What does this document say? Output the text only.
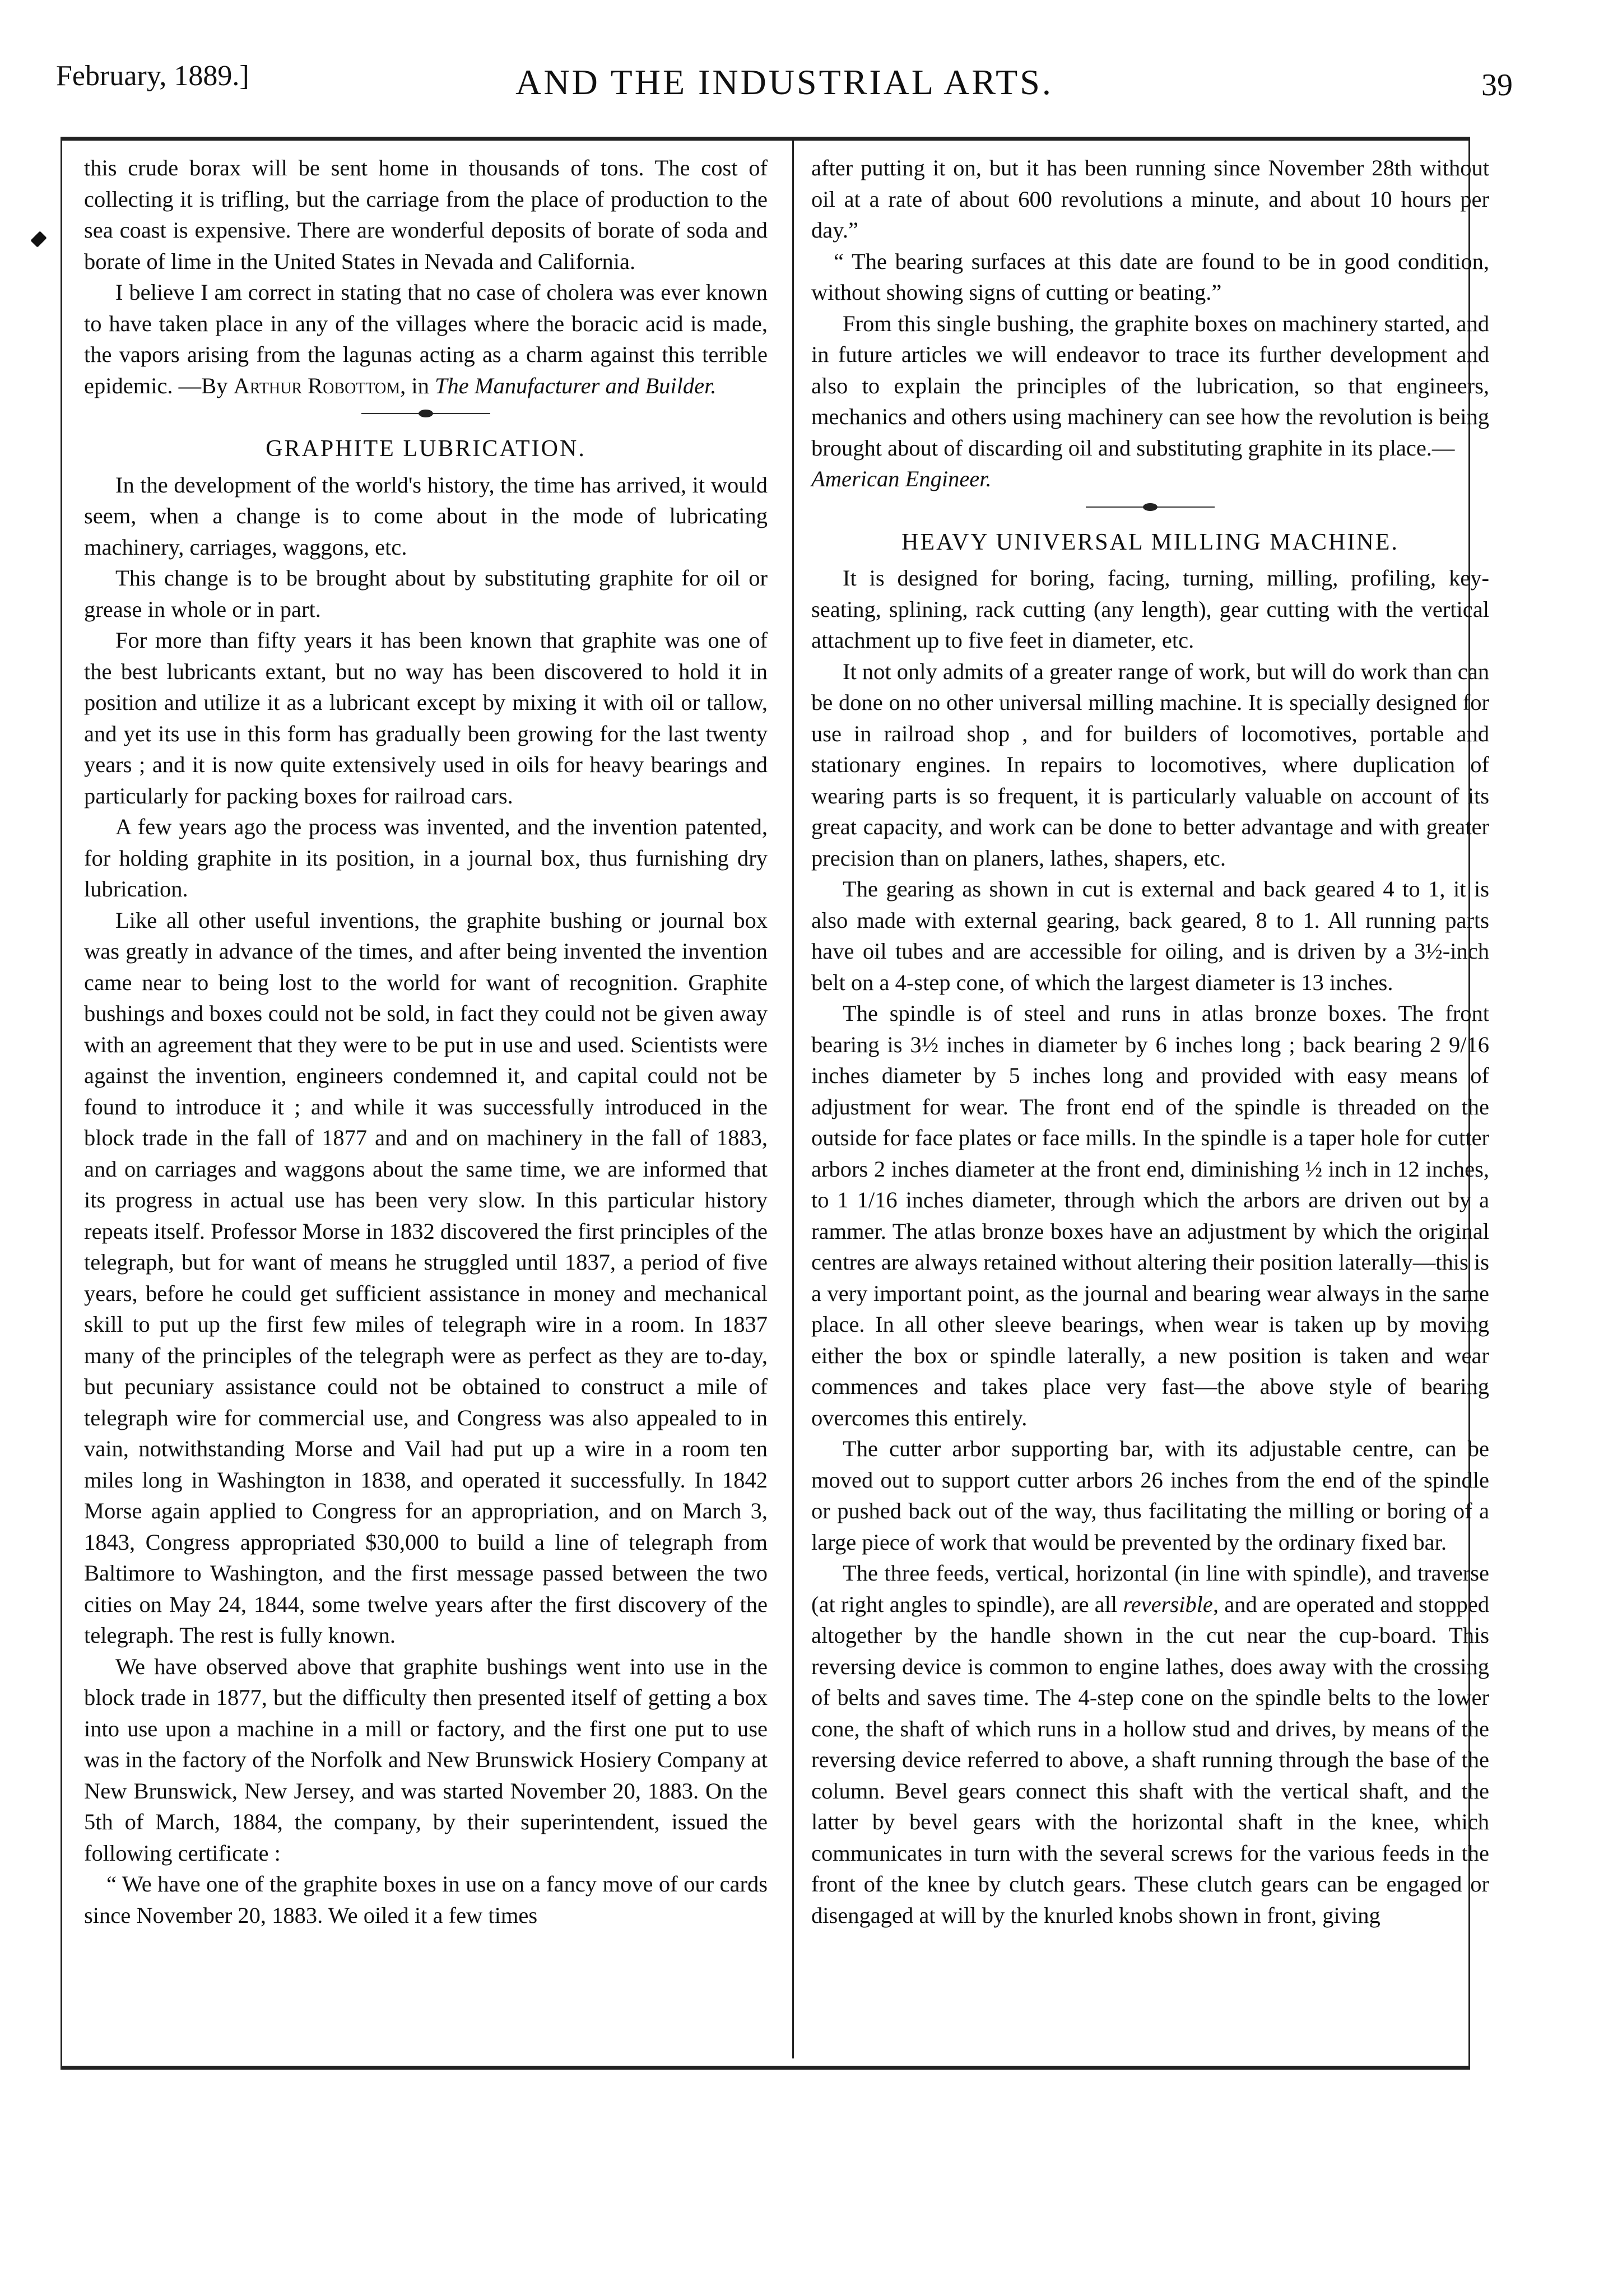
February, 1889.]	AND THE INDUSTRIAL ARTS.	39

this crude borax will be sent home in thousands of tons. The cost of collecting it is trifling, but the carriage from the place of production to the sea coast is expensive. There are wonderful deposits of borate of soda and borate of lime in the United States in Nevada and California.

I believe I am correct in stating that no case of cholera was ever known to have taken place in any of the villages where the boracic acid is made, the vapors arising from the lagunas acting as a charm against this terrible epidemic. —By Arthur Robottom, in The Manufacturer and Builder.

GRAPHITE LUBRICATION.

In the development of the world's history, the time has arrived, it would seem, when a change is to come about in the mode of lubricating machinery, carriages, waggons, etc.

This change is to be brought about by substituting graphite for oil or grease in whole or in part.

For more than fifty years it has been known that graphite was one of the best lubricants extant, but no way has been discovered to hold it in position and utilize it as a lubricant except by mixing it with oil or tallow, and yet its use in this form has gradually been growing for the last twenty years ; and it is now quite extensively used in oils for heavy bearings and particularly for packing boxes for railroad cars.

A few years ago the process was invented, and the invention patented, for holding graphite in its position, in a journal box, thus furnishing dry lubrication.

Like all other useful inventions, the graphite bushing or journal box was greatly in advance of the times, and after being invented the invention came near to being lost to the world for want of recognition. Graphite bushings and boxes could not be sold, in fact they could not be given away with an agreement that they were to be put in use and used. Scientists were against the invention, engineers condemned it, and capital could not be found to introduce it ; and while it was successfully introduced in the block trade in the fall of 1877 and and on machinery in the fall of 1883, and on carriages and waggons about the same time, we are informed that its progress in actual use has been very slow. In this particular history repeats itself. Professor Morse in 1832 discovered the first principles of the telegraph, but for want of means he struggled until 1837, a period of five years, before he could get sufficient assistance in money and mechanical skill to put up the first few miles of telegraph wire in a room. In 1837 many of the principles of the telegraph were as perfect as they are to-day, but pecuniary assistance could not be obtained to construct a mile of telegraph wire for commercial use, and Congress was also appealed to in vain, notwithstanding Morse and Vail had put up a wire in a room ten miles long in Washington in 1838, and operated it successfully. In 1842 Morse again applied to Congress for an appropriation, and on March 3, 1843, Congress appropriated $30,000 to build a line of telegraph from Baltimore to Washington, and the first message passed between the two cities on May 24, 1844, some twelve years after the first discovery of the telegraph. The rest is fully known.

We have observed above that graphite bushings went into use in the block trade in 1877, but the difficulty then presented itself of getting a box into use upon a machine in a mill or factory, and the first one put to use was in the factory of the Norfolk and New Brunswick Hosiery Company at New Brunswick, New Jersey, and was started November 20, 1883. On the 5th of March, 1884, the company, by their superintendent, issued the following certificate :

“ We have one of the graphite boxes in use on a fancy move of our cards since November 20, 1883. We oiled it a few times

after putting it on, but it has been running since November 28th without oil at a rate of about 600 revolutions a minute, and about 10 hours per day.”

“ The bearing surfaces at this date are found to be in good condition, without showing signs of cutting or beating.”

From this single bushing, the graphite boxes on machinery started, and in future articles we will endeavor to trace its further development and also to explain the principles of the lubrication, so that engineers, mechanics and others using machinery can see how the revolution is being brought about of discarding oil and substituting graphite in its place.—
American Engineer.

HEAVY UNIVERSAL MILLING MACHINE.

It is designed for boring, facing, turning, milling, profiling, key-seating, splining, rack cutting (any length), gear cutting with the vertical attachment up to five feet in diameter, etc.

It not only admits of a greater range of work, but will do work than can be done on no other universal milling machine. It is specially designed for use in railroad shop , and for builders of locomotives, portable and stationary engines. In repairs to locomotives, where duplication of wearing parts is so frequent, it is particularly valuable on account of its great capacity, and work can be done to better advantage and with greater precision than on planers, lathes, shapers, etc.

The gearing as shown in cut is external and back geared 4 to 1, it is also made with external gearing, back geared, 8 to 1. All running parts have oil tubes and are accessible for oiling, and is driven by a 3½-inch belt on a 4-step cone, of which the largest diameter is 13 inches.

The spindle is of steel and runs in atlas bronze boxes. The front bearing is 3½ inches in diameter by 6 inches long ; back bearing 2 9/16 inches diameter by 5 inches long and provided with easy means of adjustment for wear. The front end of the spindle is threaded on the outside for face plates or face mills. In the spindle is a taper hole for cutter arbors 2 inches diameter at the front end, diminishing ½ inch in 12 inches, to 1 1/16 inches diameter, through which the arbors are driven out by a rammer. The atlas bronze boxes have an adjustment by which the original centres are always retained without altering their position laterally—this is a very important point, as the journal and bearing wear always in the same place. In all other sleeve bearings, when wear is taken up by moving either the box or spindle laterally, a new position is taken and wear commences and takes place very fast—the above style of bearing overcomes this entirely.

The cutter arbor supporting bar, with its adjustable centre, can be moved out to support cutter arbors 26 inches from the end of the spindle or pushed back out of the way, thus facilitating the milling or boring of a large piece of work that would be prevented by the ordinary fixed bar.

The three feeds, vertical, horizontal (in line with spindle), and traverse (at right angles to spindle), are all reversible, and are operated and stopped altogether by the handle shown in the cut near the cup-board. This reversing device is common to engine lathes, does away with the crossing of belts and saves time. The 4-step cone on the spindle belts to the lower cone, the shaft of which runs in a hollow stud and drives, by means of the reversing device referred to above, a shaft running through the base of the column. Bevel gears connect this shaft with the vertical shaft, and the latter by bevel gears with the horizontal shaft in the knee, which communicates in turn with the several screws for the various feeds in the front of the knee by clutch gears. These clutch gears can be engaged or disengaged at will by the knurled knobs shown in front, giving
